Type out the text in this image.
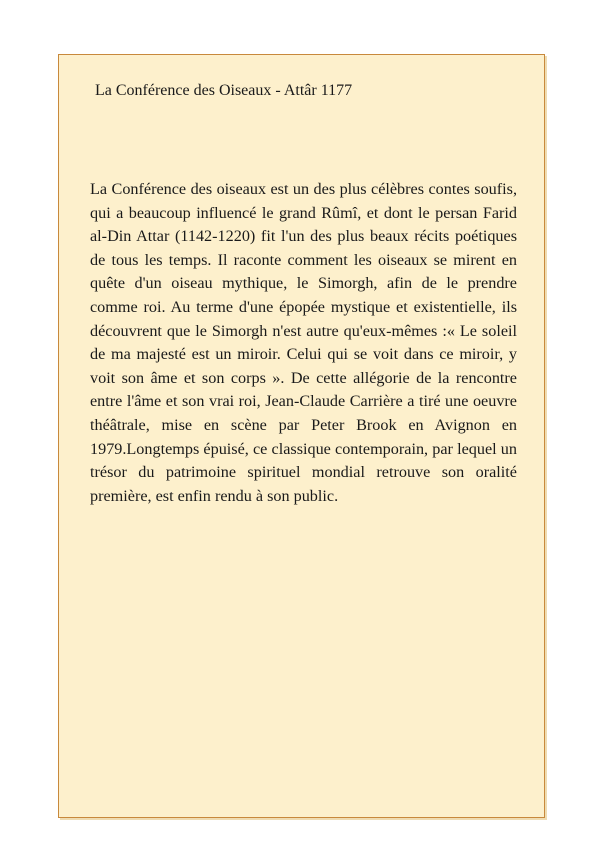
La Conférence des Oiseaux - Attâr 1177

La Conférence des oiseaux est un des plus célèbres contes soufis, qui a beaucoup influencé le grand Rûmî, et dont le persan Farid al-Din Attar (1142-1220) fit l'un des plus beaux récits poétiques de tous les temps. Il raconte comment les oiseaux se mirent en quête d'un oiseau mythique, le Simorgh, afin de le prendre comme roi. Au terme d'une épopée mystique et existentielle, ils découvrent que le Simorgh n'est autre qu'eux-mêmes :« Le soleil de ma majesté est un miroir. Celui qui se voit dans ce miroir, y voit son âme et son corps ». De cette allégorie de la rencontre entre l'âme et son vrai roi, Jean-Claude Carrière a tiré une oeuvre théâtrale, mise en scène par Peter Brook en Avignon en 1979.Longtemps épuisé, ce classique contemporain, par lequel un trésor du patrimoine spirituel mondial retrouve son oralité première, est enfin rendu à son public.
